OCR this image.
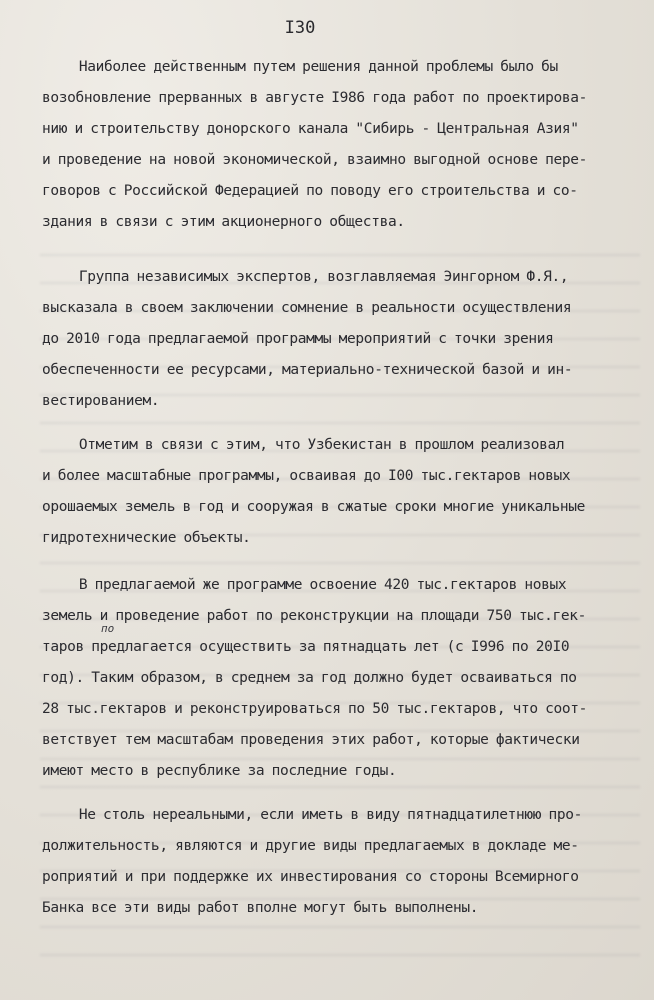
I30
Наиболее действенным путем решения данной проблемы было бы
возобновление прерванных в августе I986 года работ по проектирова-
нию и строительству донорского канала "Сибирь - Центральная Азия"
и проведение на новой экономической, взаимно выгодной основе пере-
говоров с Российской Федерацией по поводу его строительства и со-
здания в связи с этим акционерного общества.
Группа независимых экспертов, возглавляемая Эингорном Ф.Я.,
высказала в своем заключении сомнение в реальности осуществления
до 2010 года предлагаемой программы мероприятий с точки зрения
обеспеченности ее ресурсами, материально-технической базой и ин-
вестированием.
Отметим в связи с этим, что Узбекистан в прошлом реализовал
и более масштабные программы, осваивая до I00 тыс.гектаров новых
орошаемых земель в год и сооружая в сжатые сроки многие уникальные
гидротехнические объекты.
В предлагаемой же программе освоение 420 тыс.гектаров новых
земель и проведение работ по реконструкции на площади 750 тыс.гек-
таров предлагается осуществить за пятнадцать лет (с I996 по 20I0
год). Таким образом, в среднем за год должно будет осваиваться по
28 тыс.гектаров и реконструироваться по 50 тыс.гектаров, что соот-
ветствует тем масштабам проведения этих работ, которые фактически
имеют место в республике за последние годы.
по
Не столь нереальными, если иметь в виду пятнадцатилетнюю про-
должительность, являются и другие виды предлагаемых в докладе ме-
роприятий и при поддержке их инвестирования со стороны Всемирного
Банка все эти виды работ вполне могут быть выполнены.
